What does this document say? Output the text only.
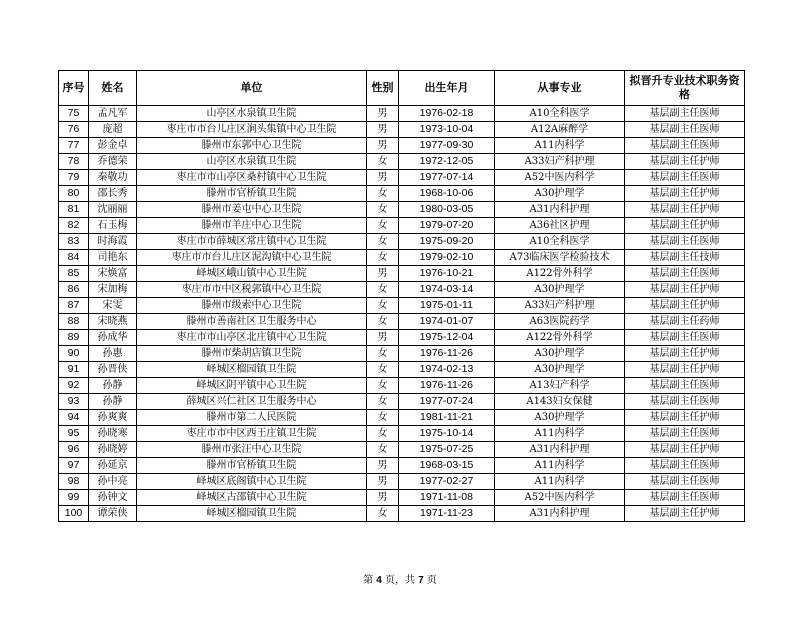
序号	姓名	单位	性别	出生年月	从事专业	拟晋升专业技术职务资格
75	孟凡军	山亭区水泉镇卫生院	男	1976-02-18	A10全科医学	基层副主任医师
76	庞超	枣庄市市台儿庄区涧头集镇中心卫生院	男	1973-10-04	A12A麻醉学	基层副主任医师
77	彭金卓	滕州市东郭中心卫生院	男	1977-09-30	A11内科学	基层副主任医师
78	乔德荣	山亭区水泉镇卫生院	女	1972-12-05	A33妇产科护理	基层副主任护师
79	秦敬功	枣庄市市山亭区桑村镇中心卫生院	男	1977-07-14	A52中医内科学	基层副主任医师
80	邵长秀	滕州市官桥镇卫生院	女	1968-10-06	A30护理学	基层副主任护师
81	沈丽丽	滕州市姜屯中心卫生院	女	1980-03-05	A31内科护理	基层副主任护师
82	石玉梅	滕州市羊庄中心卫生院	女	1979-07-20	A36社区护理	基层副主任护师
83	时海霞	枣庄市市薛城区常庄镇中心卫生院	女	1975-09-20	A10全科医学	基层副主任医师
84	司艳东	枣庄市市台儿庄区泥沟镇中心卫生院	女	1979-02-10	A73临床医学检验技术	基层副主任技师
85	宋焕富	峄城区峨山镇中心卫生院	男	1976-10-21	A122骨外科学	基层副主任医师
86	宋加梅	枣庄市市中区税郭镇中心卫生院	女	1974-03-14	A30护理学	基层副主任护师
87	宋雯	滕州市级索中心卫生院	女	1975-01-11	A33妇产科护理	基层副主任护师
88	宋晓燕	滕州市善南社区卫生服务中心	女	1974-01-07	A63医院药学	基层副主任药师
89	孙成华	枣庄市市山亭区北庄镇中心卫生院	男	1975-12-04	A122骨外科学	基层副主任医师
90	孙惠	滕州市柴胡店镇卫生院	女	1976-11-26	A30护理学	基层副主任护师
91	孙晋侠	峄城区榴园镇卫生院	女	1974-02-13	A30护理学	基层副主任护师
92	孙静	峄城区阴平镇中心卫生院	女	1976-11-26	A13妇产科学	基层副主任医师
93	孙静	薛城区兴仁社区卫生服务中心	女	1977-07-24	A143妇女保健	基层副主任医师
94	孙爽爽	滕州市第二人民医院	女	1981-11-21	A30护理学	基层副主任护师
95	孙晓寒	枣庄市市中区西王庄镇卫生院	女	1975-10-14	A11内科学	基层副主任医师
96	孙晓婷	滕州市张汪中心卫生院	女	1975-07-25	A31内科护理	基层副主任护师
97	孙延京	滕州市官桥镇卫生院	男	1968-03-15	A11内科学	基层副主任医师
98	孙中亮	峄城区底阁镇中心卫生院	男	1977-02-27	A11内科学	基层副主任医师
99	孙钟文	峄城区古邵镇中心卫生院	男	1971-11-08	A52中医内科学	基层副主任医师
100	谭荣侠	峄城区榴园镇卫生院	女	1971-11-23	A31内科护理	基层副主任护师
第 4 页，共 7 页
